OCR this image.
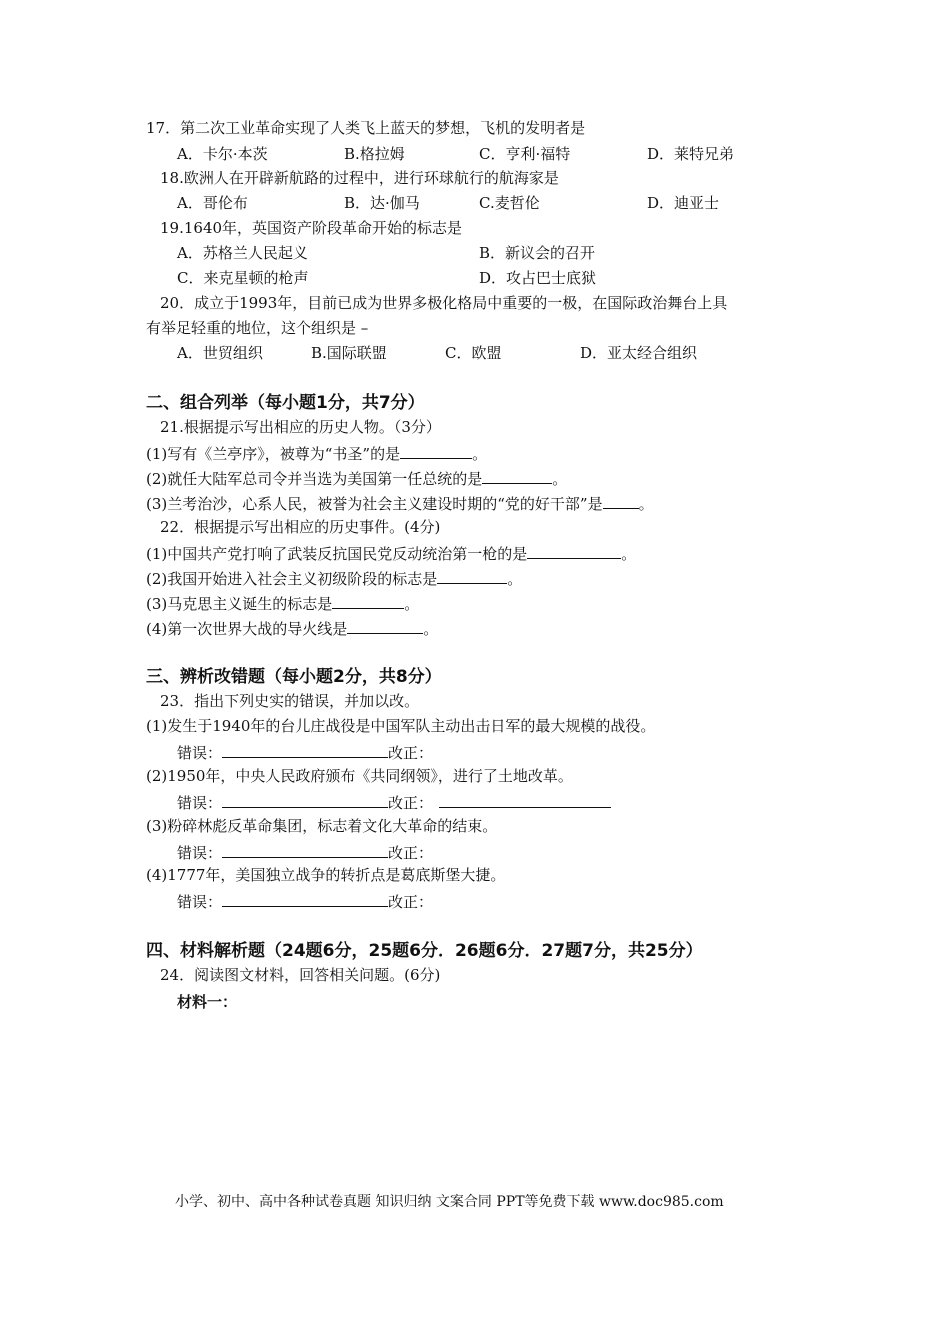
17．第二次工业革命实现了人类飞上蓝天的梦想，飞机的发明者是
A．卡尔·本茨	B.格拉姆	C．亨利·福特	D．莱特兄弟
18.欧洲人在开辟新航路的过程中，进行环球航行的航海家是
A．哥伦布	B．达·伽马	C.麦哲伦	D．迪亚士
19.1640年，英国资产阶段革命开始的标志是
A．苏格兰人民起义	B．新议会的召开
C．来克星顿的枪声	D．攻占巴士底狱
20．成立于1993年，目前已成为世界多极化格局中重要的一极，在国际政治舞台上具
有举足轻重的地位，这个组织是 –
A．世贸组织	B.国际联盟	C．欧盟	D．亚太经合组织
二、组合列举（每小题1分，共7分）
21.根据提示写出相应的历史人物。（3分）
(1)写有《兰亭序》，被尊为“书圣”的是	。
(2)就任大陆军总司令并当选为美国第一任总统的是	。
(3)兰考治沙，心系人民，被誉为社会主义建设时期的“党的好干部”是 。
22．根据提示写出相应的历史事件。(4分)
(1)中国共产党打响了武装反抗国民党反动统治第一枪的是	。
(2)我国开始进入社会主义初级阶段的标志是	。
(3)马克思主义诞生的标志是	。
(4)第一次世界大战的导火线是	。
三、辨析改错题（每小题2分，共8分）
23．指出下列史实的错误，并加以改。
(1)发生于1940年的台儿庄战役是中国军队主动出击日军的最大规模的战役。
错误：	改正：
(2)1950年，中央人民政府颁布《共同纲领》，进行了土地改革。
错误：	改正：
(3)粉碎林彪反革命集团，标志着文化大革命的结束。
错误：	改正：
(4)1777年，美国独立战争的转折点是葛底斯堡大捷。
错误：	改正：
四、材料解析题（24题6分，25题6分．26题6分．27题7分，共25分）
24．阅读图文材料，回答相关问题。(6分)
材料一：
小学、初中、高中各种试卷真题 知识归纳 文案合同 PPT等免费下载 www.doc985.com
